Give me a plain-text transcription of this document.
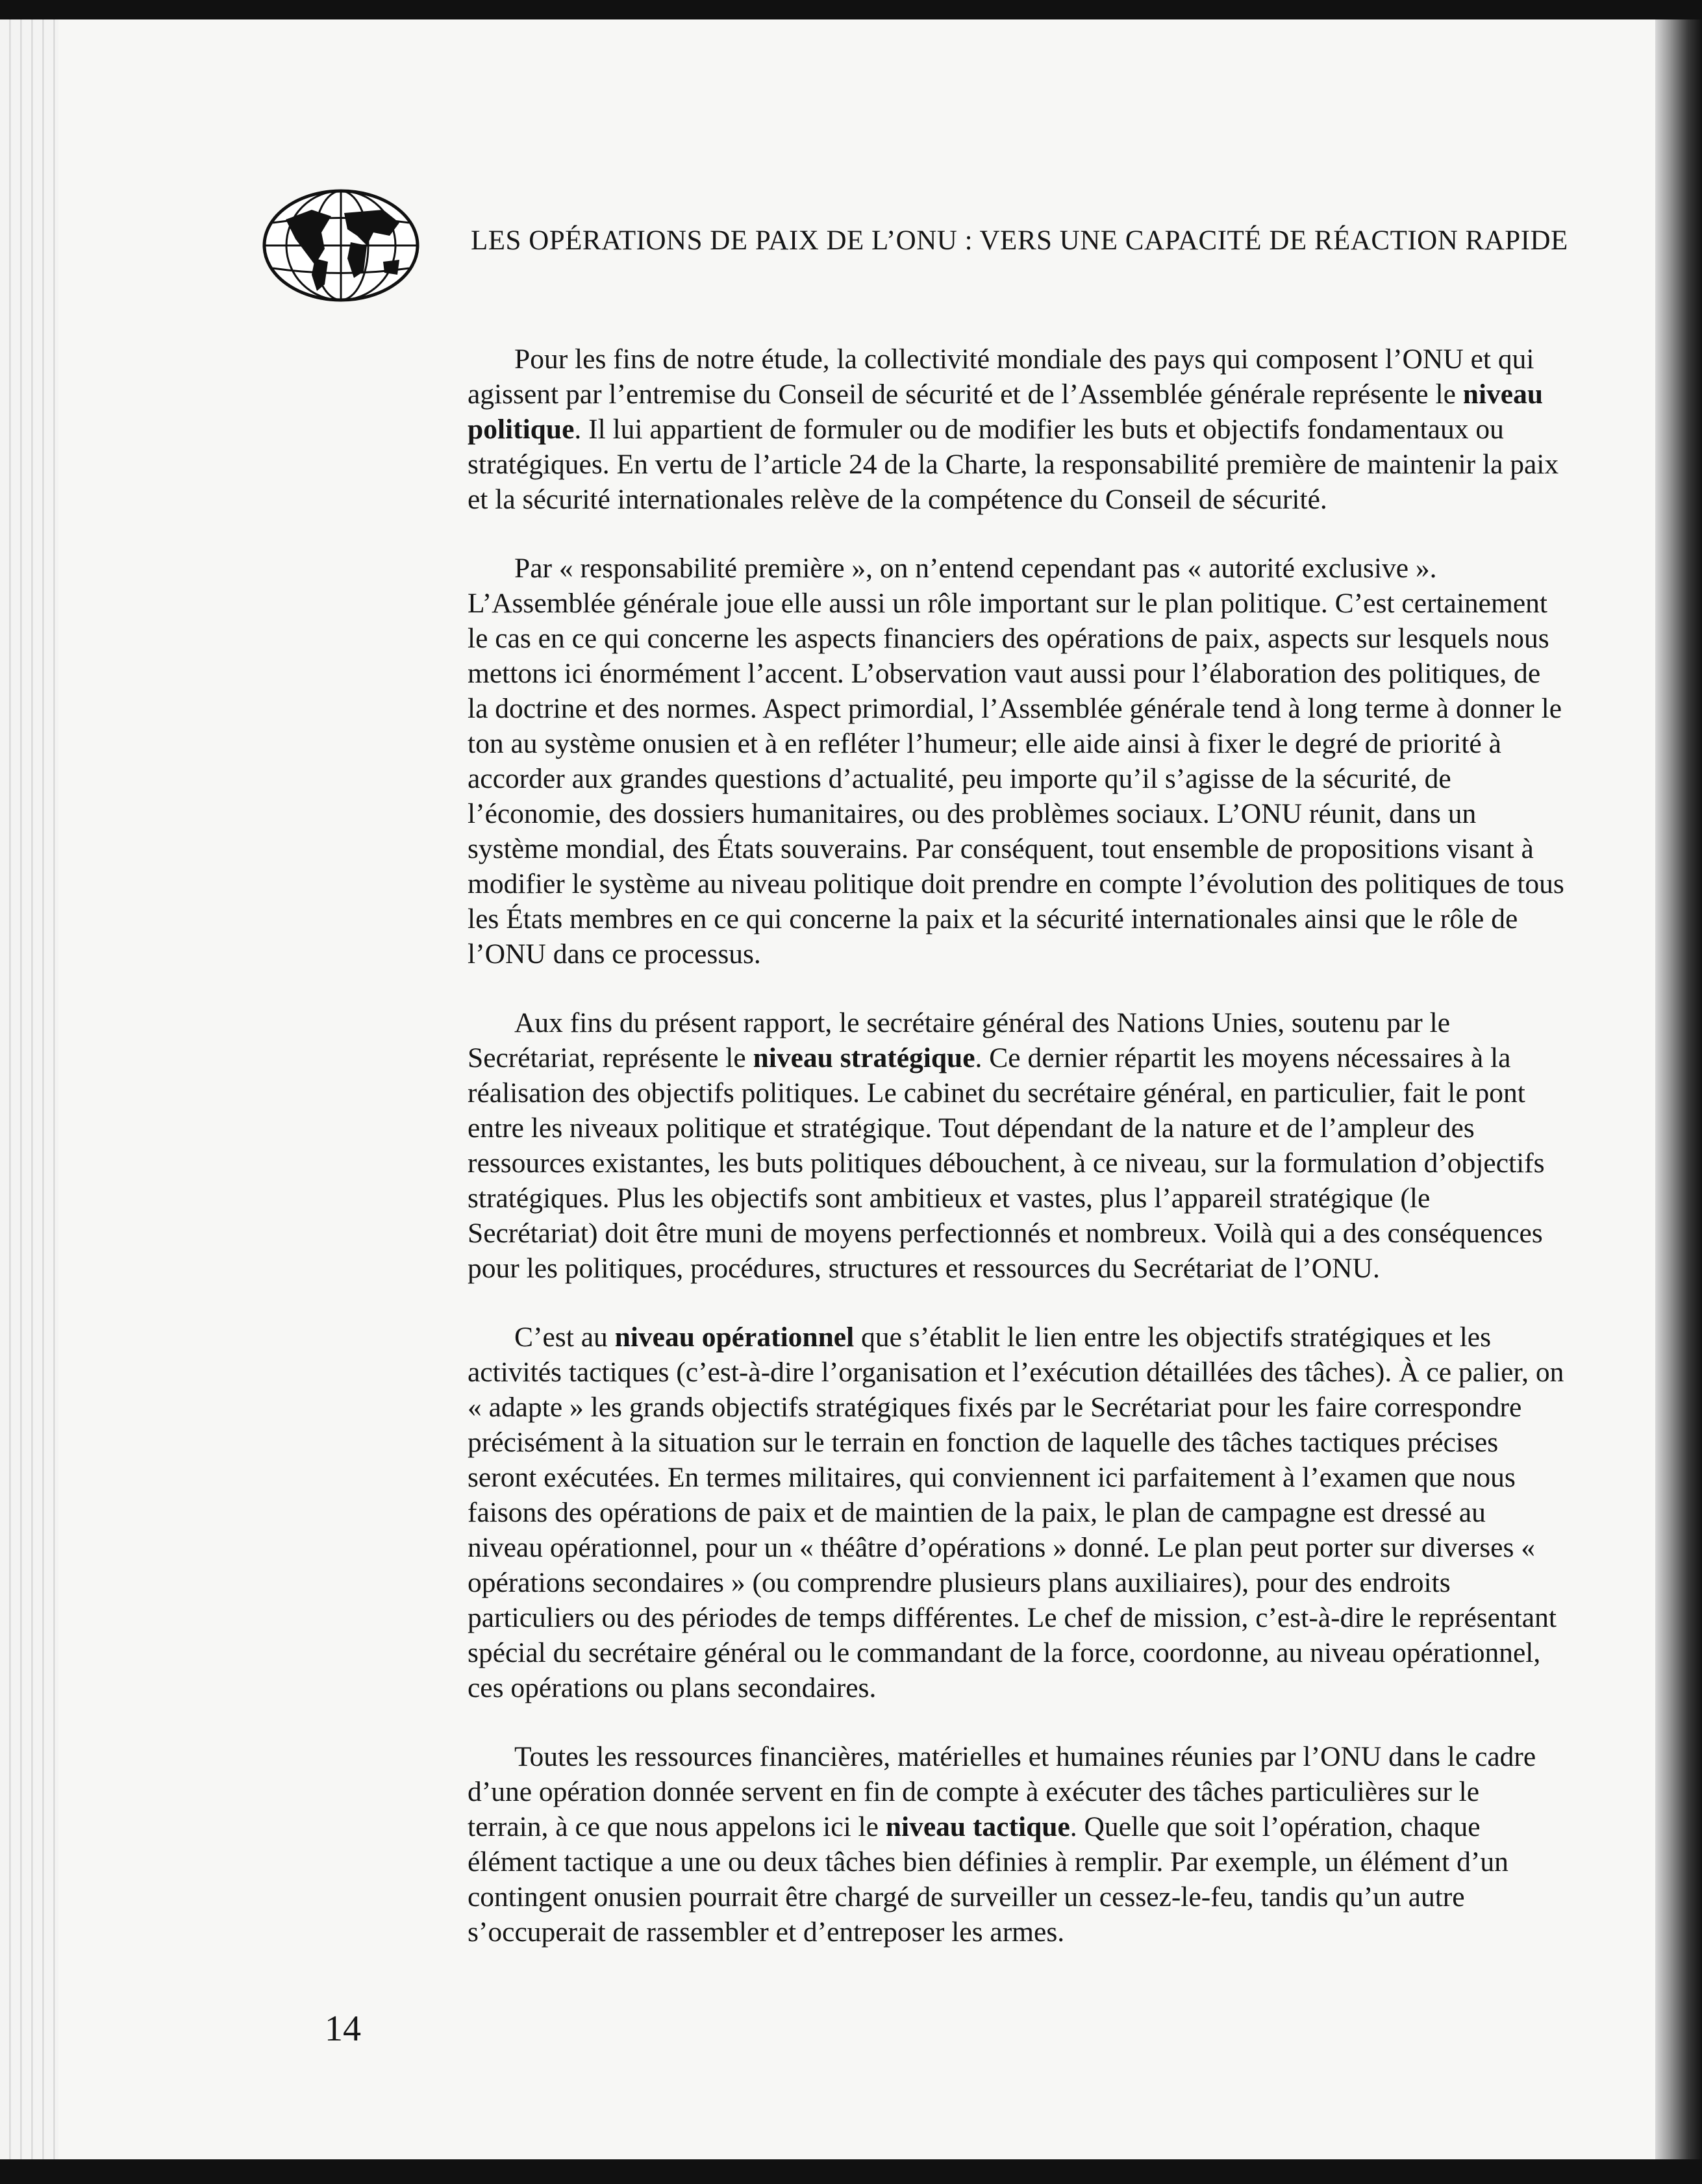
LES OPÉRATIONS DE PAIX DE L’ONU : VERS UNE CAPACITÉ DE RÉACTION RAPIDE

Pour les fins de notre étude, la collectivité mondiale des pays qui composent l’ONU et qui agissent par l’entremise du Conseil de sécurité et de l’Assemblée générale représente le niveau politique. Il lui appartient de formuler ou de modifier les buts et objectifs fondamentaux ou stratégiques. En vertu de l’article 24 de la Charte, la responsabilité première de maintenir la paix et la sécurité internationales relève de la compétence du Conseil de sécurité.

Par « responsabilité première », on n’entend cependant pas « autorité exclusive ». L’Assemblée générale joue elle aussi un rôle important sur le plan politique. C’est certainement le cas en ce qui concerne les aspects financiers des opérations de paix, aspects sur lesquels nous mettons ici énormément l’accent. L’observation vaut aussi pour l’élaboration des politiques, de la doctrine et des normes. Aspect primordial, l’Assemblée générale tend à long terme à donner le ton au système onusien et à en refléter l’humeur; elle aide ainsi à fixer le degré de priorité à accorder aux grandes questions d’actualité, peu importe qu’il s’agisse de la sécurité, de l’économie, des dossiers humanitaires, ou des problèmes sociaux. L’ONU réunit, dans un système mondial, des États souverains. Par conséquent, tout ensemble de propositions visant à modifier le système au niveau politique doit prendre en compte l’évolution des politiques de tous les États membres en ce qui concerne la paix et la sécurité internationales ainsi que le rôle de l’ONU dans ce processus.

Aux fins du présent rapport, le secrétaire général des Nations Unies, soutenu par le Secrétariat, représente le niveau stratégique. Ce dernier répartit les moyens nécessaires à la réalisation des objectifs politiques. Le cabinet du secrétaire général, en particulier, fait le pont entre les niveaux politique et stratégique. Tout dépendant de la nature et de l’ampleur des ressources existantes, les buts politiques débouchent, à ce niveau, sur la formulation d’objectifs stratégiques. Plus les objectifs sont ambitieux et vastes, plus l’appareil stratégique (le Secrétariat) doit être muni de moyens perfectionnés et nombreux. Voilà qui a des conséquences pour les politiques, procédures, structures et ressources du Secrétariat de l’ONU.

C’est au niveau opérationnel que s’établit le lien entre les objectifs stratégiques et les activités tactiques (c’est-à-dire l’organisation et l’exécution détaillées des tâches). À ce palier, on « adapte » les grands objectifs stratégiques fixés par le Secrétariat pour les faire correspondre précisément à la situation sur le terrain en fonction de laquelle des tâches tactiques précises seront exécutées. En termes militaires, qui conviennent ici parfaitement à l’examen que nous faisons des opérations de paix et de maintien de la paix, le plan de campagne est dressé au niveau opérationnel, pour un « théâtre d’opérations » donné. Le plan peut porter sur diverses « opérations secondaires » (ou comprendre plusieurs plans auxiliaires), pour des endroits particuliers ou des périodes de temps différentes. Le chef de mission, c’est-à-dire le représentant spécial du secrétaire général ou le commandant de la force, coordonne, au niveau opérationnel, ces opérations ou plans secondaires.

Toutes les ressources financières, matérielles et humaines réunies par l’ONU dans le cadre d’une opération donnée servent en fin de compte à exécuter des tâches particulières sur le terrain, à ce que nous appelons ici le niveau tactique. Quelle que soit l’opération, chaque élément tactique a une ou deux tâches bien définies à remplir. Par exemple, un élément d’un contingent onusien pourrait être chargé de surveiller un cessez-le-feu, tandis qu’un autre s’occuperait de rassembler et d’entreposer les armes.

14
